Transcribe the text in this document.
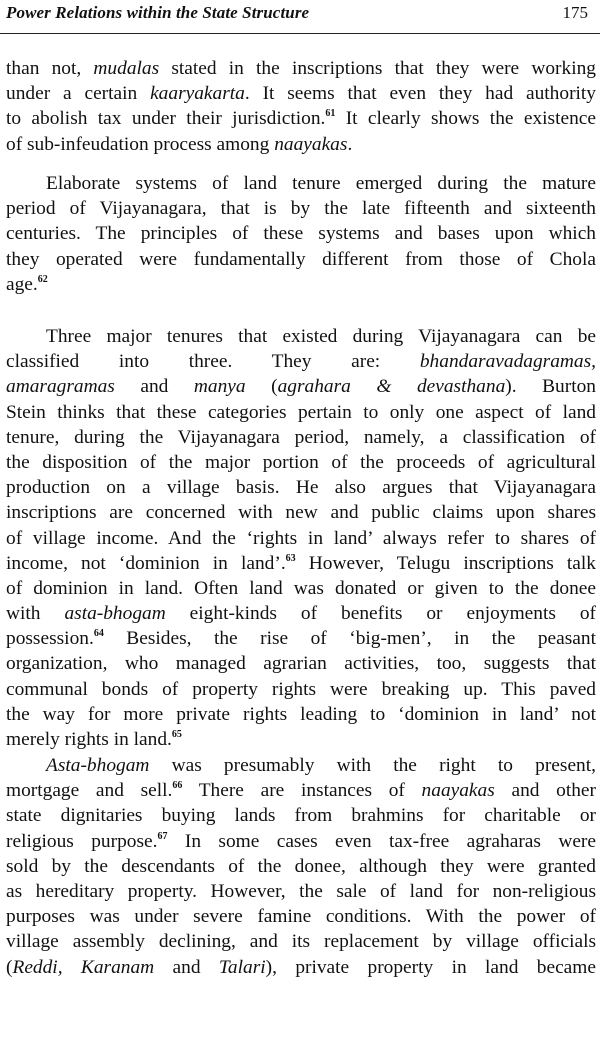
Power Relations within the State Structure	175
than not, mudalas stated in the inscriptions that they were working
under a certain kaaryakarta. It seems that even they had authority
to abolish tax under their jurisdiction.$^{61}$ It clearly shows the existence
of sub-infeudation process among naayakas.
Elaborate systems of land tenure emerged during the mature
period of Vijayanagara, that is by the late fifteenth and sixteenth
centuries. The principles of these systems and bases upon which
they operated were fundamentally different from those of Chola
age.$^{62}$
Three major tenures that existed during Vijayanagara can be
classified into three. They are: bhandaravadagramas,
amaragramas and manya (agrahara & devasthana). Burton
Stein thinks that these categories pertain to only one aspect of land
tenure, during the Vijayanagara period, namely, a classification of
the disposition of the major portion of the proceeds of agricultural
production on a village basis. He also argues that Vijayanagara
inscriptions are concerned with new and public claims upon shares
of village income. And the ‘rights in land’ always refer to shares of
income, not ‘dominion in land’.$^{63}$ However, Telugu inscriptions talk
of dominion in land. Often land was donated or given to the donee
with asta-bhogam eight-kinds of benefits or enjoyments of
possession.$^{64}$ Besides, the rise of ‘big-men’, in the peasant
organization, who managed agrarian activities, too, suggests that
communal bonds of property rights were breaking up. This paved
the way for more private rights leading to ‘dominion in land’ not
merely rights in land.$^{65}$
Asta-bhogam was presumably with the right to present,
mortgage and sell.$^{66}$ There are instances of naayakas and other
state dignitaries buying lands from brahmins for charitable or
religious purpose.$^{67}$ In some cases even tax-free agraharas were
sold by the descendants of the donee, although they were granted
as hereditary property. However, the sale of land for non-religious
purposes was under severe famine conditions. With the power of
village assembly declining, and its replacement by village officials
(Reddi, Karanam and Talari), private property in land became
